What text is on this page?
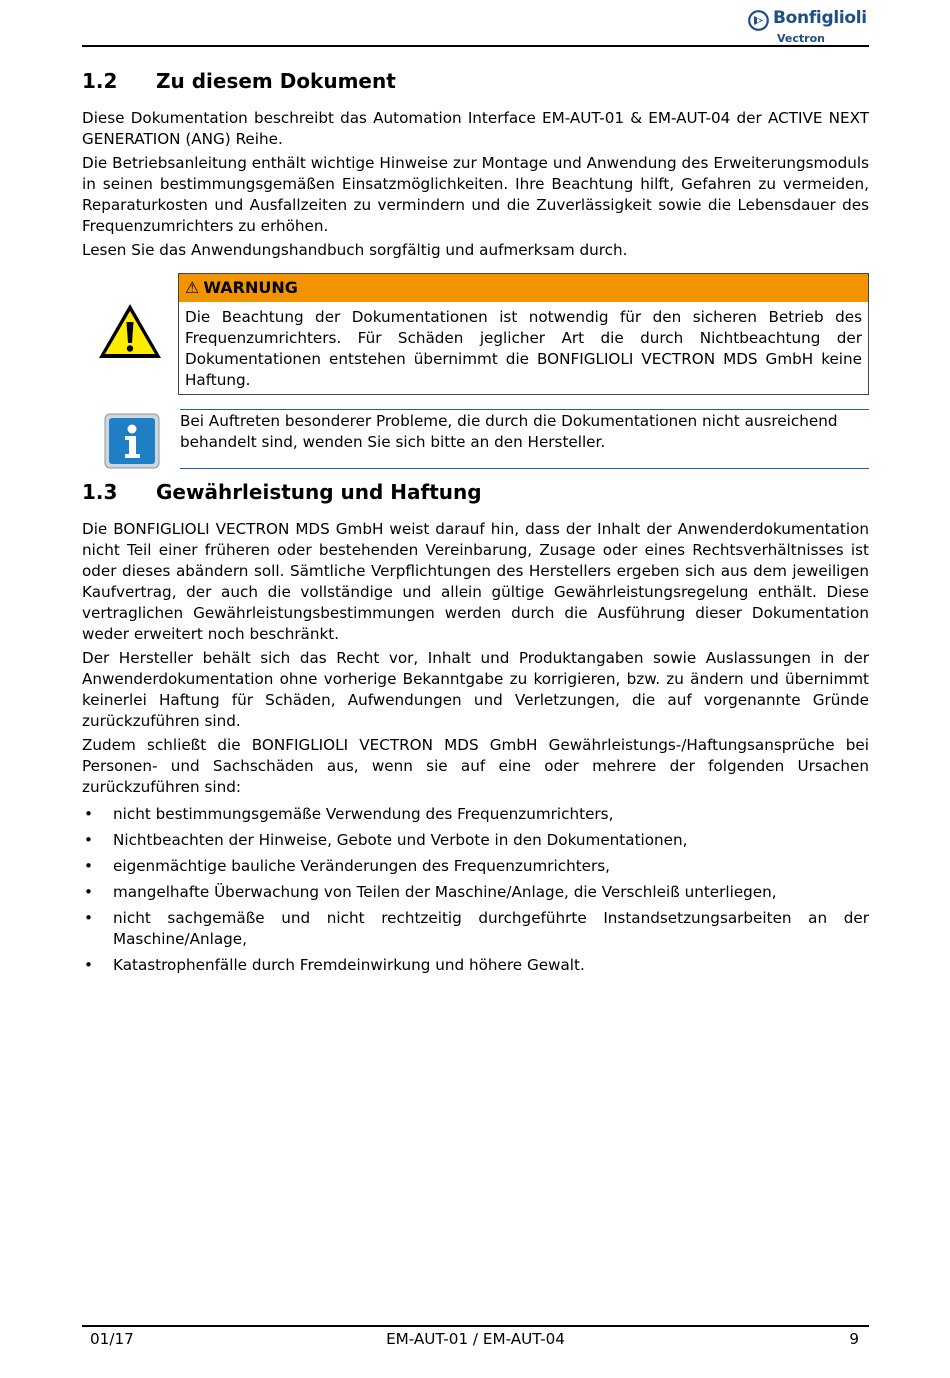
Bonfiglioli
Vectron
1.2 Zu diesem Dokument

Diese Dokumentation beschreibt das Automation Interface EM-AUT-01 & EM-AUT-04 der ACTIVE NEXT GENERATION (ANG) Reihe.

Die Betriebsanleitung enthält wichtige Hinweise zur Montage und Anwendung des Erweiterungsmoduls in seinen bestimmungsgemäßen Einsatzmöglichkeiten. Ihre Beachtung hilft, Gefahren zu vermeiden, Reparaturkosten und Ausfallzeiten zu vermindern und die Zuverlässigkeit sowie die Lebensdauer des Frequenzumrichters zu erhöhen.

Lesen Sie das Anwendungshandbuch sorgfältig und aufmerksam durch.

⚠ WARNUNG
Die Beachtung der Dokumentationen ist notwendig für den sicheren Betrieb des Frequenzumrichters. Für Schäden jeglicher Art die durch Nichtbeachtung der Dokumentationen entstehen übernimmt die BONFIGLIOLI VECTRON MDS GmbH keine Haftung.

Bei Auftreten besonderer Probleme, die durch die Dokumentationen nicht ausreichend behandelt sind, wenden Sie sich bitte an den Hersteller.

1.3 Gewährleistung und Haftung

Die BONFIGLIOLI VECTRON MDS GmbH weist darauf hin, dass der Inhalt der Anwenderdokumentation nicht Teil einer früheren oder bestehenden Vereinbarung, Zusage oder eines Rechtsverhältnisses ist oder dieses abändern soll. Sämtliche Verpflichtungen des Herstellers ergeben sich aus dem jeweiligen Kaufvertrag, der auch die vollständige und allein gültige Gewährleistungsregelung enthält. Diese vertraglichen Gewährleistungsbestimmungen werden durch die Ausführung dieser Dokumentation weder erweitert noch beschränkt.

Der Hersteller behält sich das Recht vor, Inhalt und Produktangaben sowie Auslassungen in der Anwenderdokumentation ohne vorherige Bekanntgabe zu korrigieren, bzw. zu ändern und übernimmt keinerlei Haftung für Schäden, Aufwendungen und Verletzungen, die auf vorgenannte Gründe zurückzuführen sind.

Zudem schließt die BONFIGLIOLI VECTRON MDS GmbH Gewährleistungs-/Haftungsansprüche bei Personen- und Sachschäden aus, wenn sie auf eine oder mehrere der folgenden Ursachen zurückzuführen sind:

• nicht bestimmungsgemäße Verwendung des Frequenzumrichters,
• Nichtbeachten der Hinweise, Gebote und Verbote in den Dokumentationen,
• eigenmächtige bauliche Veränderungen des Frequenzumrichters,
• mangelhafte Überwachung von Teilen der Maschine/Anlage, die Verschleiß unterliegen,
• nicht sachgemäße und nicht rechtzeitig durchgeführte Instandsetzungsarbeiten an der Maschine/Anlage,
• Katastrophenfälle durch Fremdeinwirkung und höhere Gewalt.
01/17	EM-AUT-01 / EM-AUT-04	9
